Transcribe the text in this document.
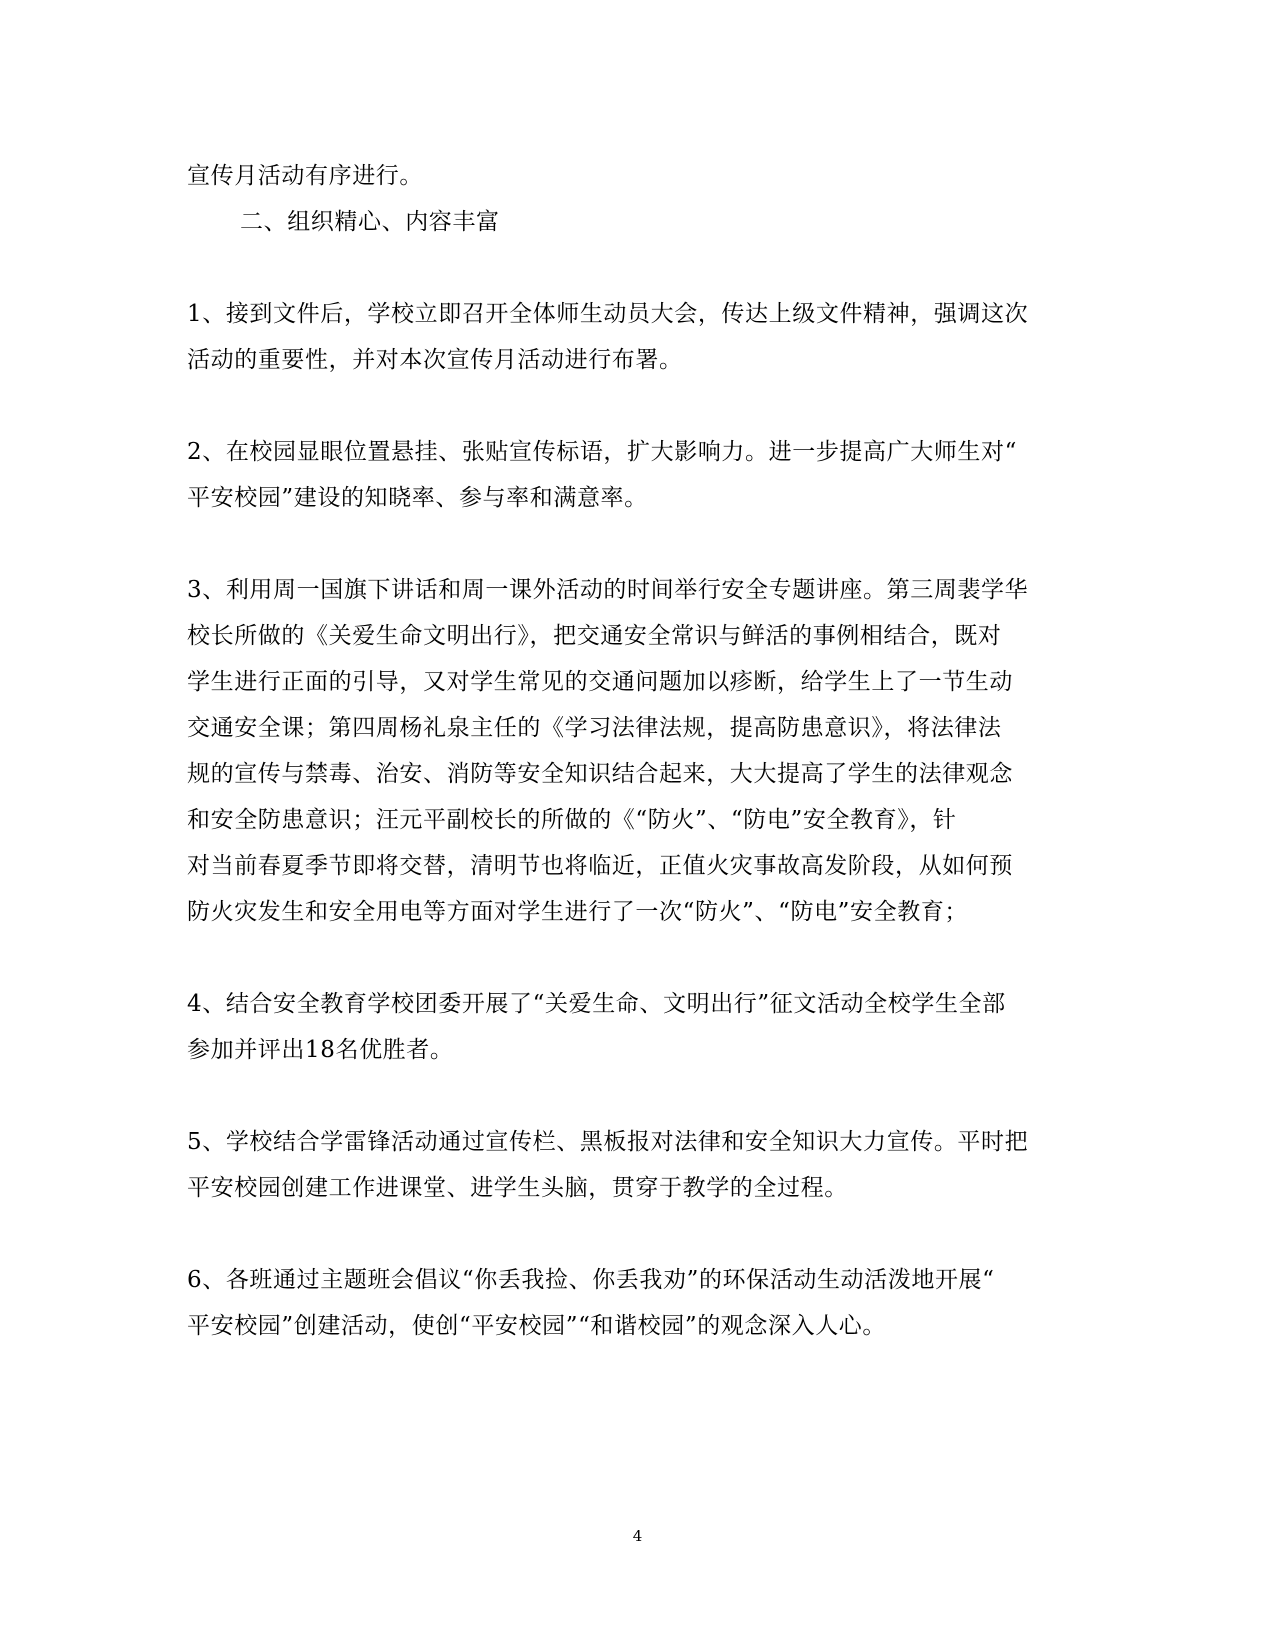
宣传月活动有序进行。
二、组织精心、内容丰富
1、接到文件后，学校立即召开全体师生动员大会，传达上级文件精神，强调这次
活动的重要性，并对本次宣传月活动进行布署。
2、在校园显眼位置悬挂、张贴宣传标语，扩大影响力。进一步提高广大师生对“
平安校园”建设的知晓率、参与率和满意率。
3、利用周一国旗下讲话和周一课外活动的时间举行安全专题讲座。第三周裴学华
校长所做的《关爱生命文明出行》，把交通安全常识与鲜活的事例相结合，既对
学生进行正面的引导，又对学生常见的交通问题加以疹断，给学生上了一节生动
交通安全课；第四周杨礼泉主任的《学习法律法规，提高防患意识》，将法律法
规的宣传与禁毒、治安、消防等安全知识结合起来，大大提高了学生的法律观念
和安全防患意识；汪元平副校长的所做的《“防火”、“防电”安全教育》，针
对当前春夏季节即将交替，清明节也将临近，正值火灾事故高发阶段，从如何预
防火灾发生和安全用电等方面对学生进行了一次“防火”、“防电”安全教育；
4、结合安全教育学校团委开展了“关爱生命、文明出行”征文活动全校学生全部
参加并评出18名优胜者。
5、学校结合学雷锋活动通过宣传栏、黑板报对法律和安全知识大力宣传。平时把
平安校园创建工作进课堂、进学生头脑，贯穿于教学的全过程。
6、各班通过主题班会倡议“你丢我捡、你丢我劝”的环保活动生动活泼地开展“
平安校园”创建活动，使创“平安校园”“和谐校园”的观念深入人心。
4
